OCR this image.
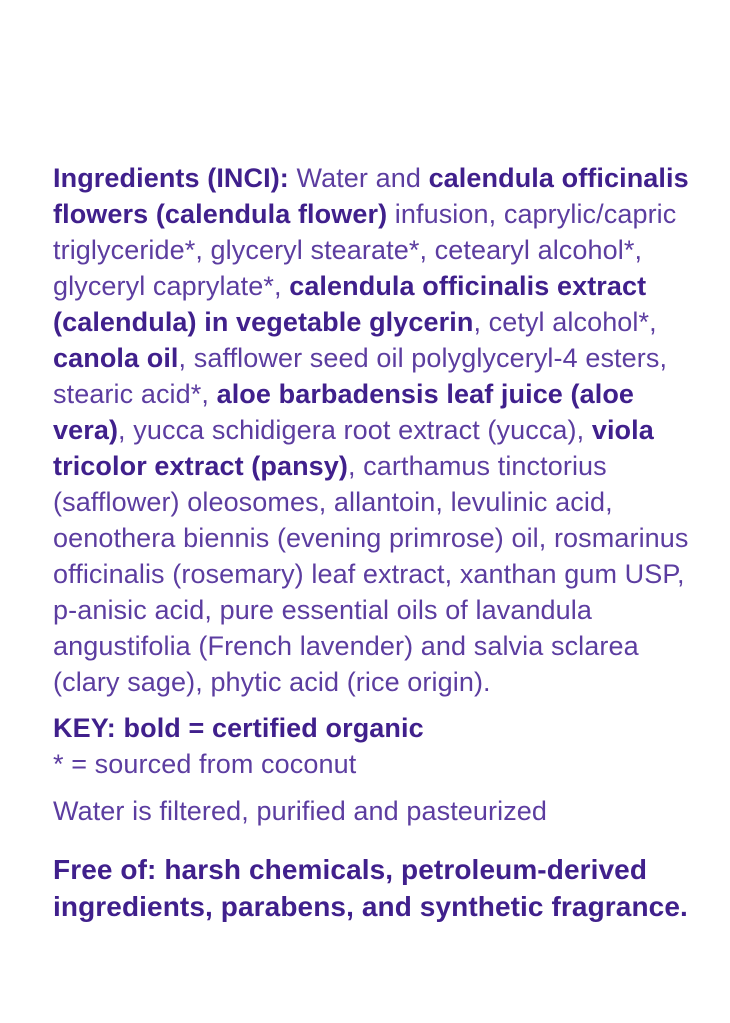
Ingredients (INCI): Water and calendula officinalis flowers (calendula flower) infusion, caprylic/capric triglyceride*, glyceryl stearate*, cetearyl alcohol*, glyceryl caprylate*, calendula officinalis extract (calendula) in vegetable glycerin, cetyl alcohol*, canola oil, safflower seed oil polyglyceryl-4 esters, stearic acid*, aloe barbadensis leaf juice (aloe vera), yucca schidigera root extract (yucca), viola tricolor extract (pansy), carthamus tinctorius (safflower) oleosomes, allantoin, levulinic acid, oenothera biennis (evening primrose) oil, rosmarinus officinalis (rosemary) leaf extract, xanthan gum USP, p-anisic acid, pure essential oils of lavandula angustifolia (French lavender) and salvia sclarea (clary sage), phytic acid (rice origin).

KEY: bold = certified organic

* = sourced from coconut

Water is filtered, purified and pasteurized

Free of: harsh chemicals, petroleum-derived ingredients, parabens, and synthetic fragrance.
